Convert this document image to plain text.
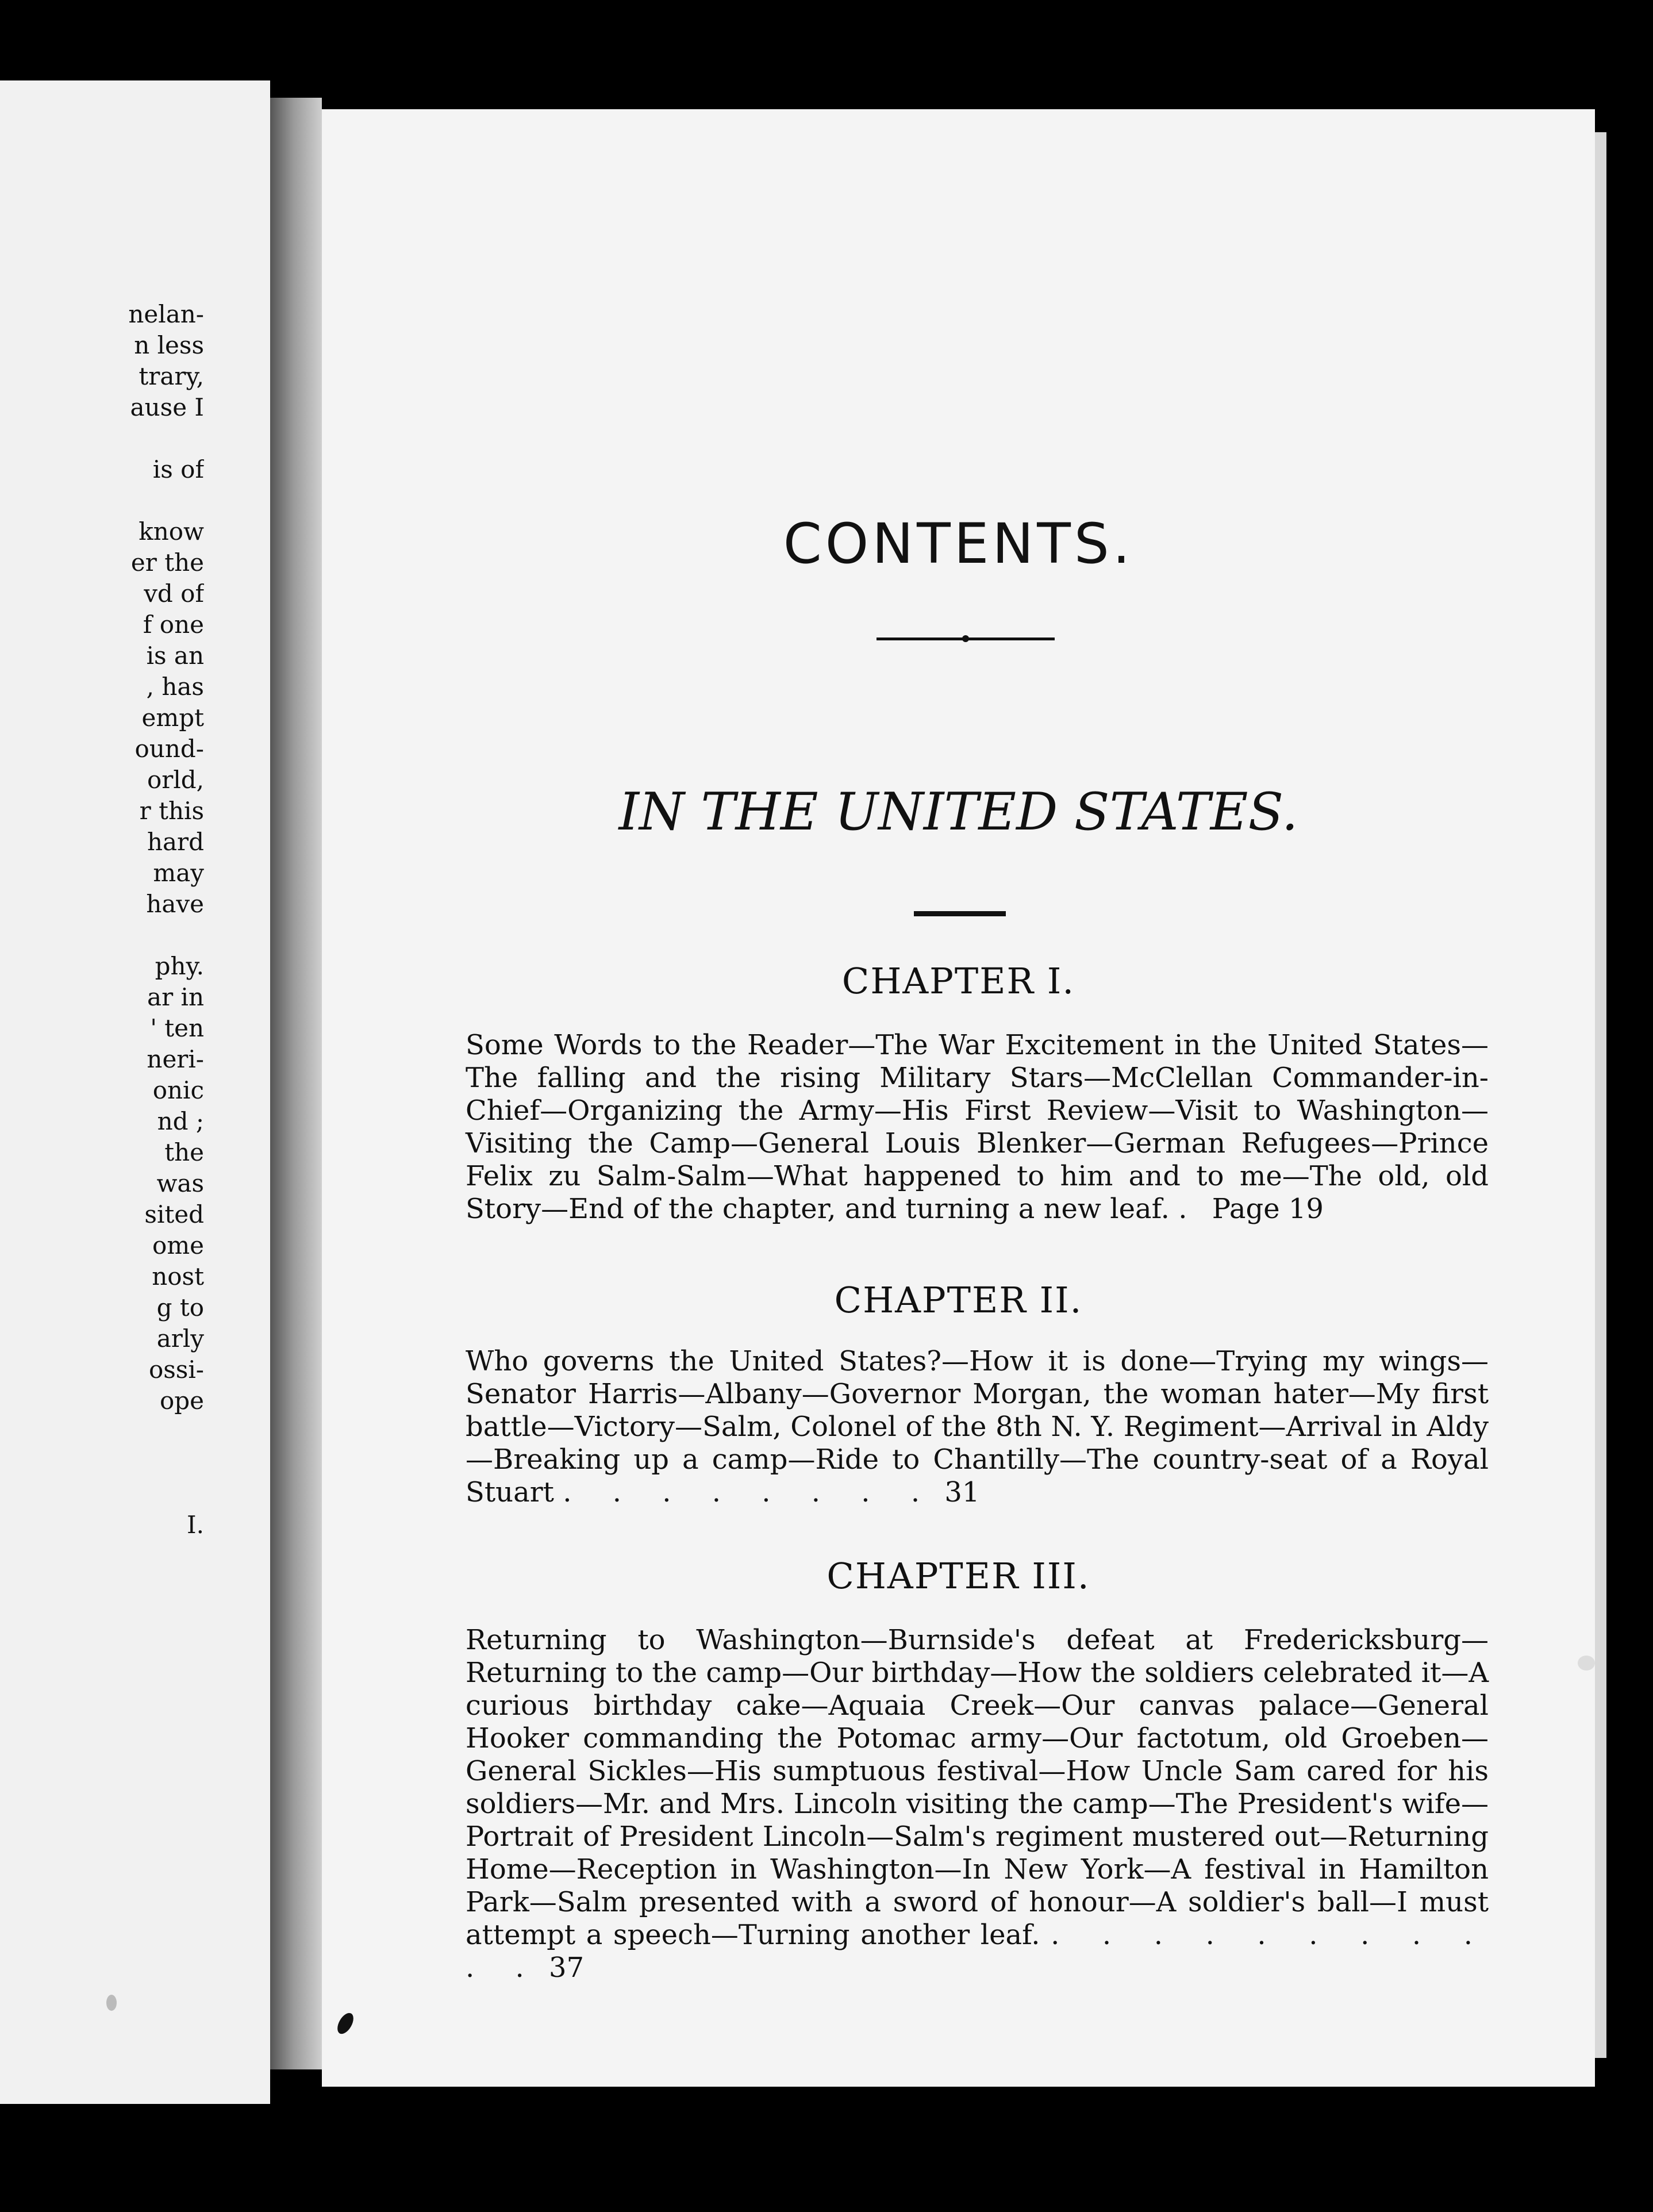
nelan-
n less
trary,
ause I

is of

know
er the
vd of
f one
is an
, has
empt
ound-
orld,
r this
hard
may
have

phy.
ar in
' ten
neri-
onic
nd ;
the
was
sited
ome
nost
g to
arly
ossi-
ope

I.
CONTENTS.
IN THE UNITED STATES.
CHAPTER I.
Some Words to the Reader—The War Excitement in the United States—The falling and the rising Military Stars—McClellan Commander-in-Chief—Organizing the Army—His First Review—Visit to Washington—Visiting the Camp—General Louis Blenker—German Refugees—Prince Felix zu Salm-Salm—What happened to him and to me—The old, old Story—End of the chapter, and turning a new leaf. . Page 19
CHAPTER II.
Who governs the United States?—How it is done—Trying my wings—Senator Harris—Albany—Governor Morgan, the woman hater—My first battle—Victory—Salm, Colonel of the 8th N. Y. Regiment—Arrival in Aldy—Breaking up a camp—Ride to Chantilly—The country-seat of a Royal Stuart . . . . . . . . 31
CHAPTER III.
Returning to Washington—Burnside's defeat at Fredericksburg—Returning to the camp—Our birthday—How the soldiers celebrated it—A curious birthday cake—Aquaia Creek—Our canvas palace—General Hooker commanding the Potomac army—Our factotum, old Groeben—General Sickles—His sumptuous festival—How Uncle Sam cared for his soldiers—Mr. and Mrs. Lincoln visiting the camp—The President's wife—Portrait of President Lincoln—Salm's regiment mustered out—Returning Home—Reception in Washington—In New York—A festival in Hamilton Park—Salm presented with a sword of honour—A soldier's ball—I must attempt a speech—Turning another leaf. . . . . . . . . . . . 37
